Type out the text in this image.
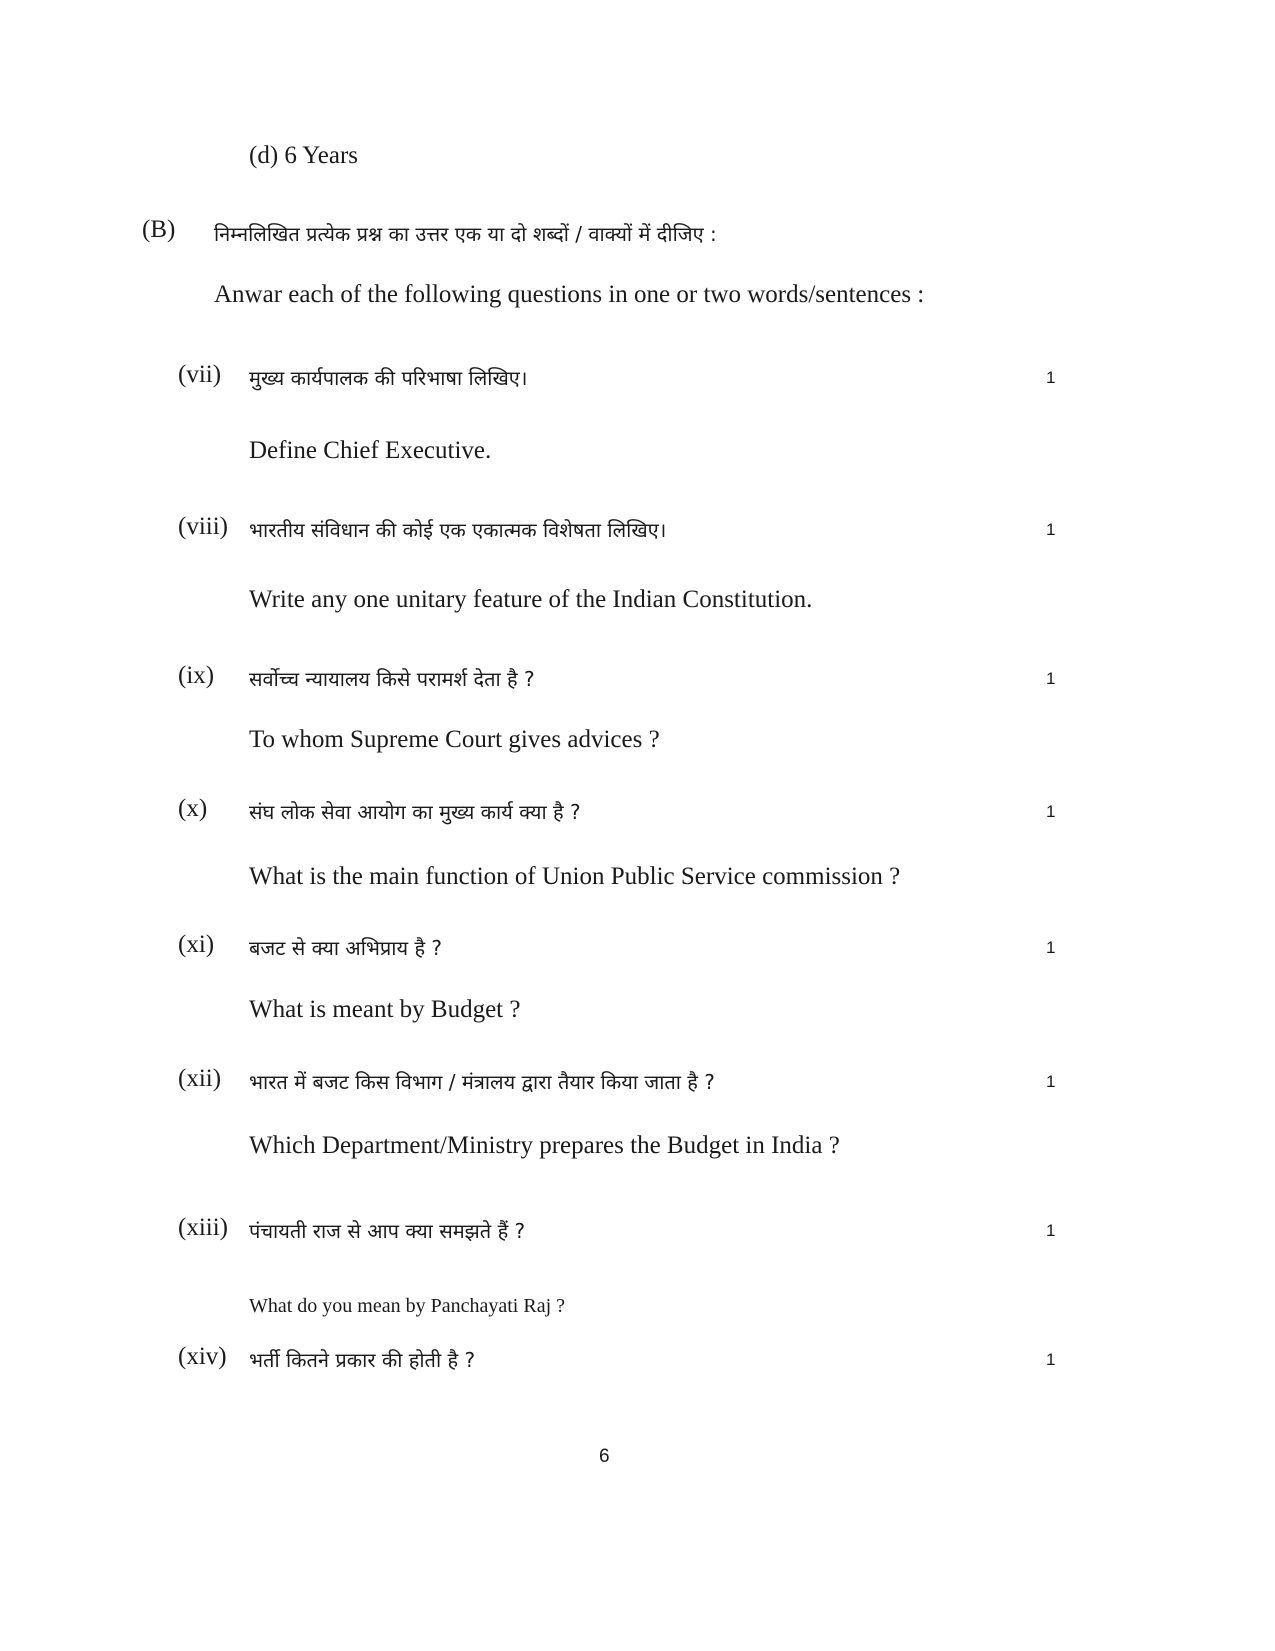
(d) 6 Years
(B) निम्नलिखित प्रत्येक प्रश्न का उत्तर एक या दो शब्दों / वाक्यों में दीजिए :
Anwar each of the following questions in one or two words/sentences :
(vii) मुख्य कार्यपालक की परिभाषा लिखिए।	1
Define Chief Executive.
(viii) भारतीय संविधान की कोई एक एकात्मक विशेषता लिखिए।	1
Write any one unitary feature of the Indian Constitution.
(ix) सर्वोच्च न्यायालय किसे परामर्श देता है ?	1
To whom Supreme Court gives advices ?
(x) संघ लोक सेवा आयोग का मुख्य कार्य क्या है ?	1
What is the main function of Union Public Service commission ?
(xi) बजट से क्या अभिप्राय है ?	1
What is meant by Budget ?
(xii) भारत में बजट किस विभाग / मंत्रालय द्वारा तैयार किया जाता है ?	1
Which Department/Ministry prepares the Budget in India ?
(xiii) पंचायती राज से आप क्या समझते हैं ?	1
What do you mean by Panchayati Raj ?
(xiv) भर्ती कितने प्रकार की होती है ?	1
6
